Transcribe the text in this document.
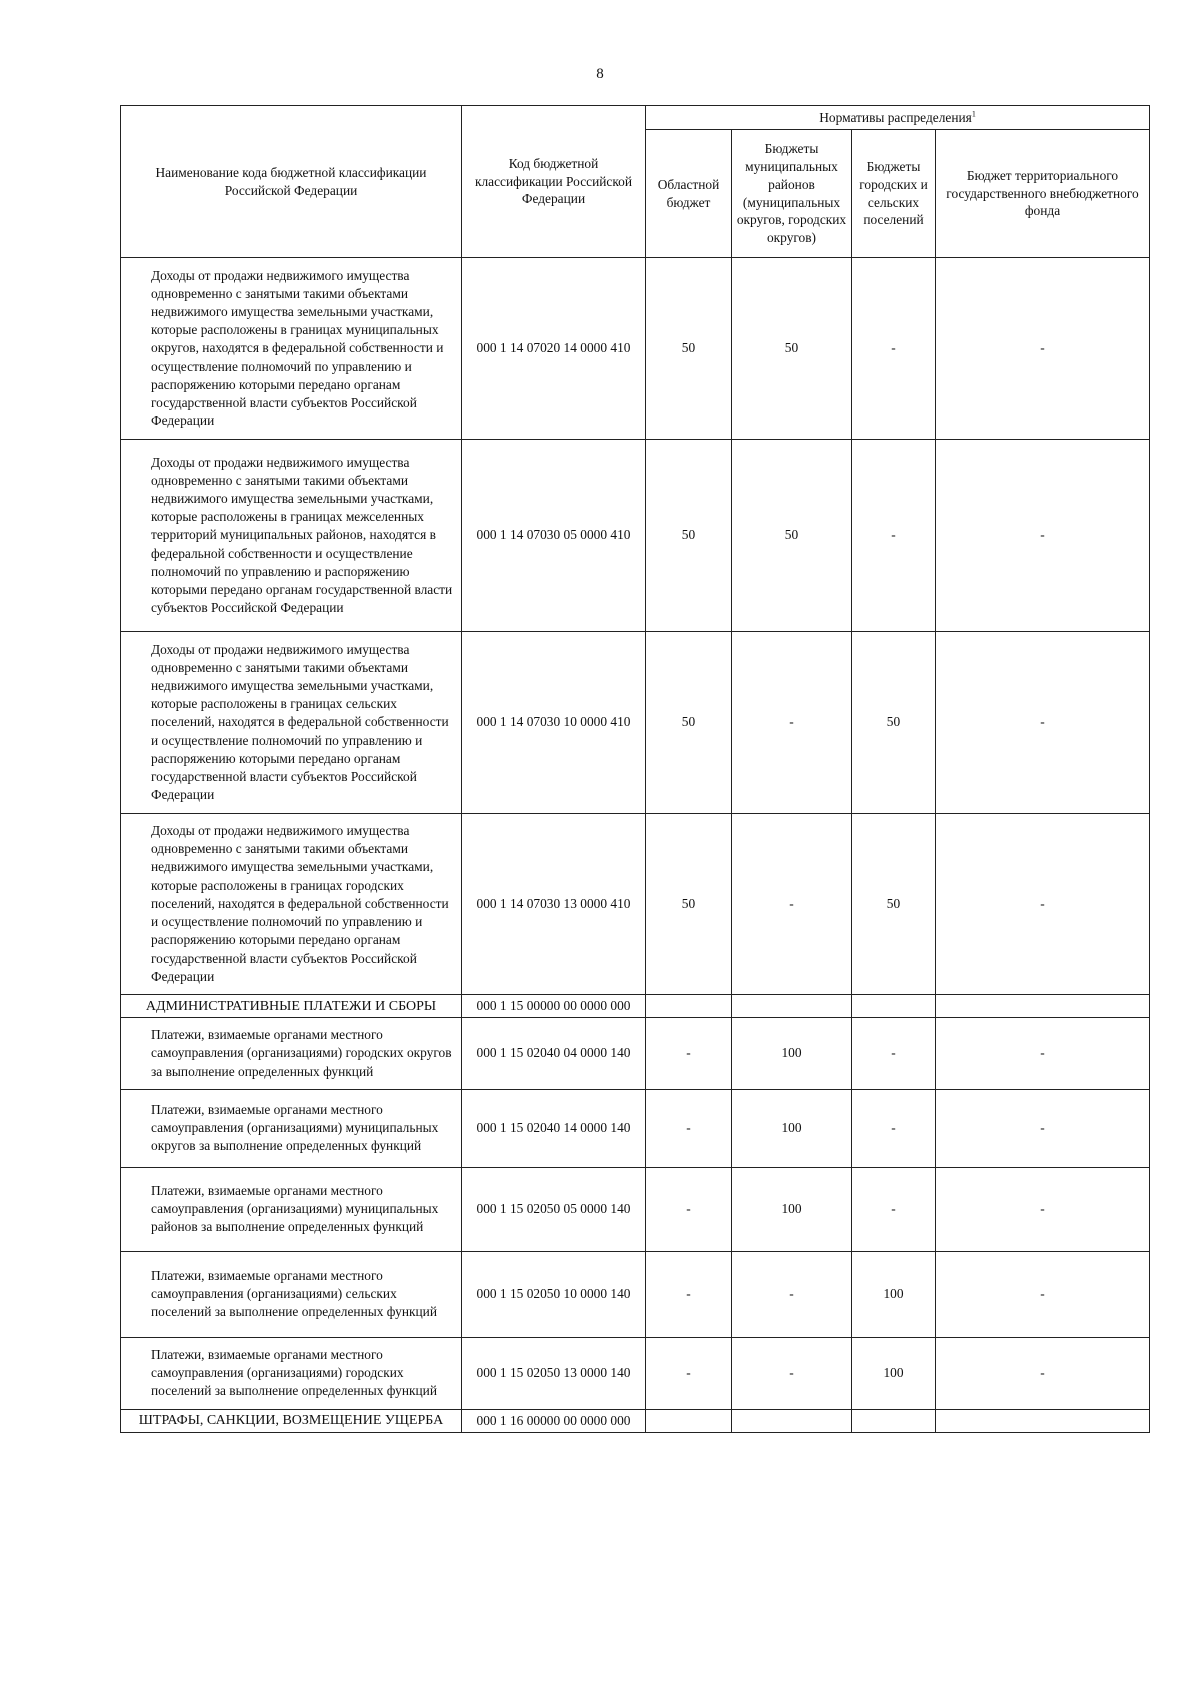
8
Наименование кода бюджетной классификации Российской Федерации	Код бюджетной классификации Российской Федерации	Нормативы распределения$^1$
		Областной бюджет	Бюджеты муниципальных районов (муниципальных округов, городских округов)	Бюджеты городских и сельских поселений	Бюджет территориального государственного внебюджетного фонда
Доходы от продажи недвижимого имущества одновременно с занятыми такими объектами недвижимого имущества земельными участками, которые расположены в границах муниципальных округов, находятся в федеральной собственности и осуществление полномочий по управлению и распоряжению которыми передано органам государственной власти субъектов Российской Федерации	000 1 14 07020 14 0000 410	50	50	-	-
Доходы от продажи недвижимого имущества одновременно с занятыми такими объектами недвижимого имущества земельными участками, которые расположены в границах межселенных территорий муниципальных районов, находятся в федеральной собственности и осуществление полномочий по управлению и распоряжению которыми передано органам государственной власти субъектов Российской Федерации	000 1 14 07030 05 0000 410	50	50	-	-
Доходы от продажи недвижимого имущества одновременно с занятыми такими объектами недвижимого имущества земельными участками, которые расположены в границах сельских поселений, находятся в федеральной собственности и осуществление полномочий по управлению и распоряжению которыми передано органам государственной власти субъектов Российской Федерации	000 1 14 07030 10 0000 410	50	-	50	-
Доходы от продажи недвижимого имущества одновременно с занятыми такими объектами недвижимого имущества земельными участками, которые расположены в границах городских поселений, находятся в федеральной собственности и осуществление полномочий по управлению и распоряжению которыми передано органам государственной власти субъектов Российской Федерации	000 1 14 07030 13 0000 410	50	-	50	-
АДМИНИСТРАТИВНЫЕ ПЛАТЕЖИ И СБОРЫ	000 1 15 00000 00 0000 000				
Платежи, взимаемые органами местного самоуправления (организациями) городских округов за выполнение определенных функций	000 1 15 02040 04 0000 140	-	100	-	-
Платежи, взимаемые органами местного самоуправления (организациями) муниципальных округов за выполнение определенных функций	000 1 15 02040 14 0000 140	-	100	-	-
Платежи, взимаемые органами местного самоуправления (организациями) муниципальных районов за выполнение определенных функций	000 1 15 02050 05 0000 140	-	100	-	-
Платежи, взимаемые органами местного самоуправления (организациями) сельских поселений за выполнение определенных функций	000 1 15 02050 10 0000 140	-	-	100	-
Платежи, взимаемые органами местного самоуправления (организациями) городских поселений за выполнение определенных функций	000 1 15 02050 13 0000 140	-	-	100	-
ШТРАФЫ, САНКЦИИ, ВОЗМЕЩЕНИЕ УЩЕРБА	000 1 16 00000 00 0000 000				
